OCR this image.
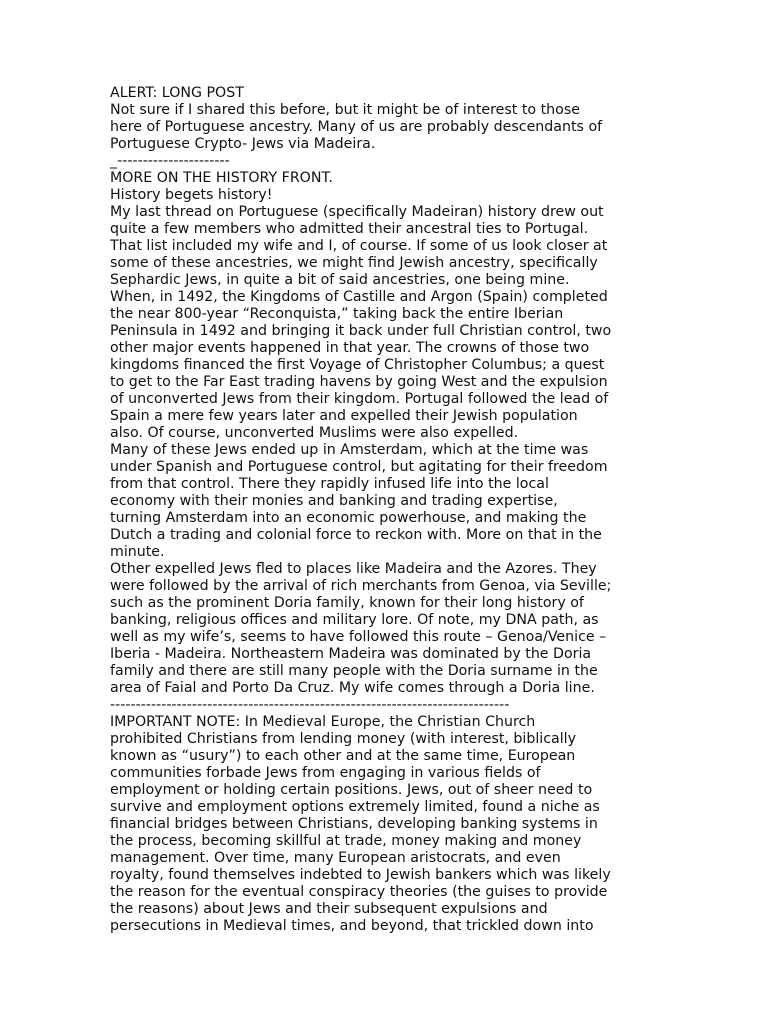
ALERT: LONG POST
Not sure if I shared this before, but it might be of interest to those
here of Portuguese ancestry. Many of us are probably descendants of
Portuguese Crypto- Jews via Madeira.
_----------------------
MORE ON THE HISTORY FRONT.
History begets history!
My last thread on Portuguese (specifically Madeiran) history drew out
quite a few members who admitted their ancestral ties to Portugal.
That list included my wife and I, of course. If some of us look closer at
some of these ancestries, we might find Jewish ancestry, specifically
Sephardic Jews, in quite a bit of said ancestries, one being mine.
When, in 1492, the Kingdoms of Castille and Argon (Spain) completed
the near 800-year “Reconquista,” taking back the entire Iberian
Peninsula in 1492 and bringing it back under full Christian control, two
other major events happened in that year. The crowns of those two
kingdoms financed the first Voyage of Christopher Columbus; a quest
to get to the Far East trading havens by going West and the expulsion
of unconverted Jews from their kingdom. Portugal followed the lead of
Spain a mere few years later and expelled their Jewish population
also. Of course, unconverted Muslims were also expelled.
Many of these Jews ended up in Amsterdam, which at the time was
under Spanish and Portuguese control, but agitating for their freedom
from that control. There they rapidly infused life into the local
economy with their monies and banking and trading expertise,
turning Amsterdam into an economic powerhouse, and making the
Dutch a trading and colonial force to reckon with. More on that in the
minute.
Other expelled Jews fled to places like Madeira and the Azores. They
were followed by the arrival of rich merchants from Genoa, via Seville;
such as the prominent Doria family, known for their long history of
banking, religious offices and military lore. Of note, my DNA path, as
well as my wife’s, seems to have followed this route – Genoa/Venice –
Iberia - Madeira. Northeastern Madeira was dominated by the Doria
family and there are still many people with the Doria surname in the
area of Faial and Porto Da Cruz. My wife comes through a Doria line.
------------------------------------------------------------------------------
IMPORTANT NOTE: In Medieval Europe, the Christian Church
prohibited Christians from lending money (with interest, biblically
known as “usury”) to each other and at the same time, European
communities forbade Jews from engaging in various fields of
employment or holding certain positions. Jews, out of sheer need to
survive and employment options extremely limited, found a niche as
financial bridges between Christians, developing banking systems in
the process, becoming skillful at trade, money making and money
management. Over time, many European aristocrats, and even
royalty, found themselves indebted to Jewish bankers which was likely
the reason for the eventual conspiracy theories (the guises to provide
the reasons) about Jews and their subsequent expulsions and
persecutions in Medieval times, and beyond, that trickled down into
